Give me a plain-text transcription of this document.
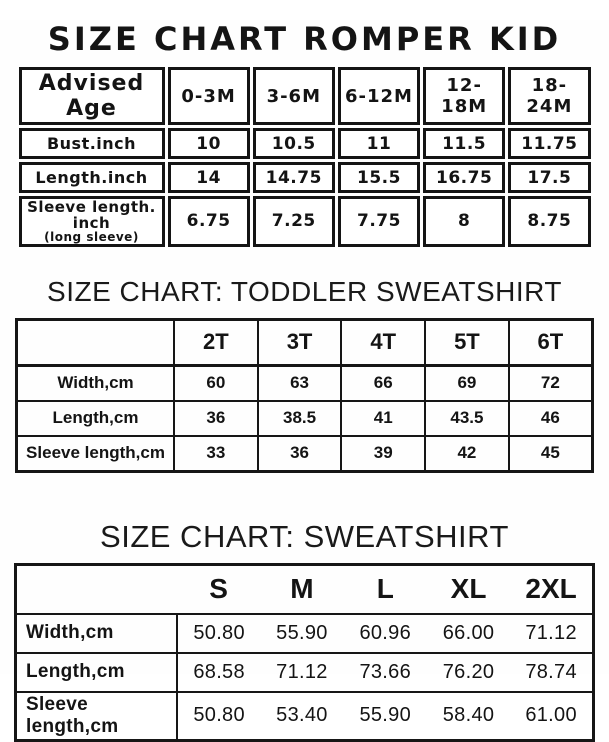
SIZE CHART ROMPER KID
Advised Age	0-3M	3-6M	6-12M	12-18M	18-24M
Bust.inch	10	10.5	11	11.5	11.75
Length.inch	14	14.75	15.5	16.75	17.5

Sleeve length. inch
(long sleeve)	6.75	7.25	7.75	8	8.75
SIZE CHART: TODDLER SWEATSHIRT
	2T	3T	4T	5T	6T
Width,cm	60	63	66	69	72
Length,cm	36	38.5	41	43.5	46
Sleeve length,cm	33	36	39	42	45
SIZE CHART: SWEATSHIRT
	S	M	L	XL	2XL
Width,cm	50.80	55.90	60.96	66.00	71.12
Length,cm	68.58	71.12	73.66	76.20	78.74
Sleeve length,cm	50.80	53.40	55.90	58.40	61.00
